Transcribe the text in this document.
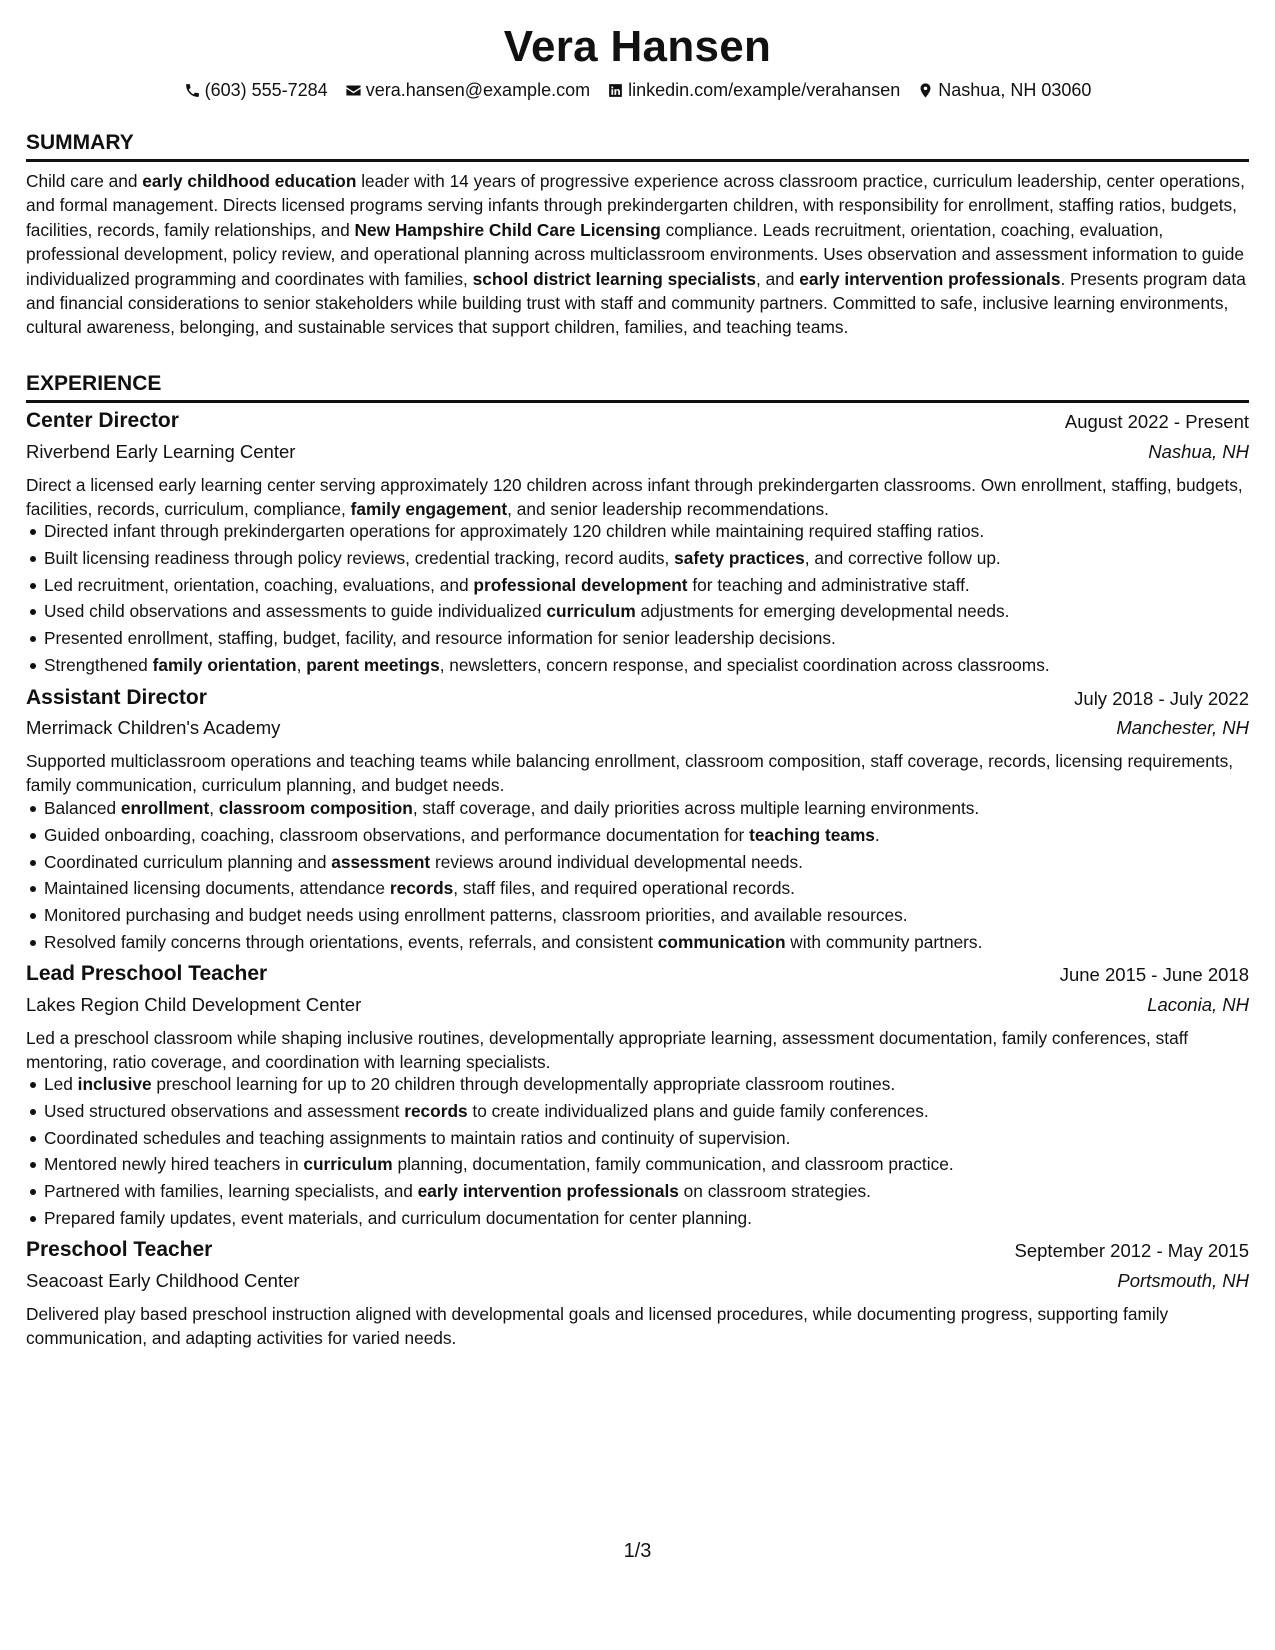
Vera Hansen
(603) 555-7284
vera.hansen@example.com
linkedin.com/example/verahansen
Nashua, NH 03060
SUMMARY
Child care and early childhood education leader with 14 years of progressive experience across classroom practice, curriculum leadership, center operations, and formal management. Directs licensed programs serving infants through prekindergarten children, with responsibility for enrollment, staffing ratios, budgets, facilities, records, family relationships, and New Hampshire Child Care Licensing compliance. Leads recruitment, orientation, coaching, evaluation, professional development, policy review, and operational planning across multiclassroom environments. Uses observation and assessment information to guide individualized programming and coordinates with families, school district learning specialists, and early intervention professionals. Presents program data and financial considerations to senior stakeholders while building trust with staff and community partners. Committed to safe, inclusive learning environments, cultural awareness, belonging, and sustainable services that support children, families, and teaching teams.
EXPERIENCE
Center Director	August 2022 - Present
Riverbend Early Learning Center	Nashua, NH
Direct a licensed early learning center serving approximately 120 children across infant through prekindergarten classrooms. Own enrollment, staffing, budgets, facilities, records, curriculum, compliance, family engagement, and senior leadership recommendations.
Directed infant through prekindergarten operations for approximately 120 children while maintaining required staffing ratios.
Built licensing readiness through policy reviews, credential tracking, record audits, safety practices, and corrective follow up.
Led recruitment, orientation, coaching, evaluations, and professional development for teaching and administrative staff.
Used child observations and assessments to guide individualized curriculum adjustments for emerging developmental needs.
Presented enrollment, staffing, budget, facility, and resource information for senior leadership decisions.
Strengthened family orientation, parent meetings, newsletters, concern response, and specialist coordination across classrooms.
Assistant Director	July 2018 - July 2022
Merrimack Children's Academy	Manchester, NH
Supported multiclassroom operations and teaching teams while balancing enrollment, classroom composition, staff coverage, records, licensing requirements, family communication, curriculum planning, and budget needs.
Balanced enrollment, classroom composition, staff coverage, and daily priorities across multiple learning environments.
Guided onboarding, coaching, classroom observations, and performance documentation for teaching teams.
Coordinated curriculum planning and assessment reviews around individual developmental needs.
Maintained licensing documents, attendance records, staff files, and required operational records.
Monitored purchasing and budget needs using enrollment patterns, classroom priorities, and available resources.
Resolved family concerns through orientations, events, referrals, and consistent communication with community partners.
Lead Preschool Teacher	June 2015 - June 2018
Lakes Region Child Development Center	Laconia, NH
Led a preschool classroom while shaping inclusive routines, developmentally appropriate learning, assessment documentation, family conferences, staff mentoring, ratio coverage, and coordination with learning specialists.
Led inclusive preschool learning for up to 20 children through developmentally appropriate classroom routines.
Used structured observations and assessment records to create individualized plans and guide family conferences.
Coordinated schedules and teaching assignments to maintain ratios and continuity of supervision.
Mentored newly hired teachers in curriculum planning, documentation, family communication, and classroom practice.
Partnered with families, learning specialists, and early intervention professionals on classroom strategies.
Prepared family updates, event materials, and curriculum documentation for center planning.
Preschool Teacher	September 2012 - May 2015
Seacoast Early Childhood Center	Portsmouth, NH
Delivered play based preschool instruction aligned with developmental goals and licensed procedures, while documenting progress, supporting family communication, and adapting activities for varied needs.
1/3
